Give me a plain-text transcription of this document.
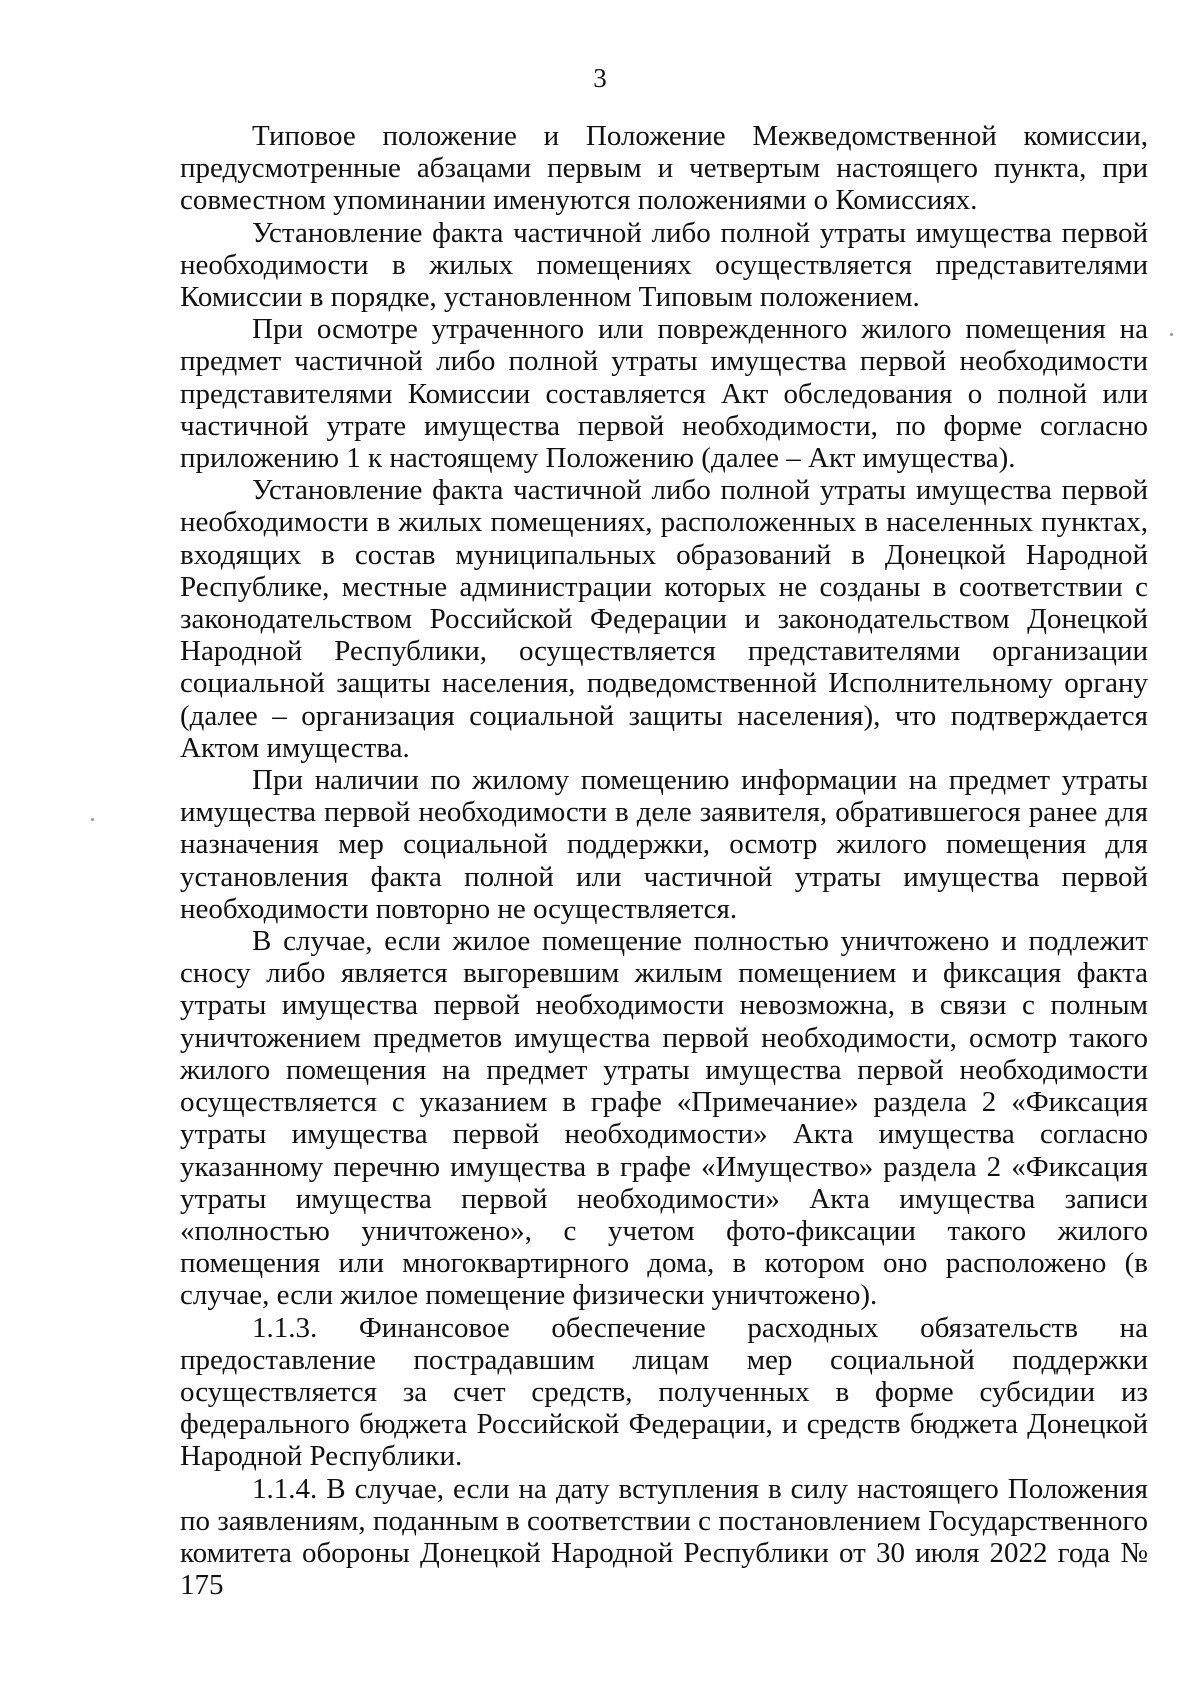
3

Типовое положение и Положение Межведомственной комиссии, предусмотренные абзацами первым и четвертым настоящего пункта, при совместном упоминании именуются положениями о Комиссиях.

Установление факта частичной либо полной утраты имущества первой необходимости в жилых помещениях осуществляется представителями Комиссии в порядке, установленном Типовым положением.

При осмотре утраченного или поврежденного жилого помещения на предмет частичной либо полной утраты имущества первой необходимости представителями Комиссии составляется Акт обследования о полной или частичной утрате имущества первой необходимости, по форме согласно приложению 1 к настоящему Положению (далее – Акт имущества).

Установление факта частичной либо полной утраты имущества первой необходимости в жилых помещениях, расположенных в населенных пунктах, входящих в состав муниципальных образований в Донецкой Народной Республике, местные администрации которых не созданы в соответствии с законодательством Российской Федерации и законодательством Донецкой Народной Республики, осуществляется представителями организации социальной защиты населения, подведомственной Исполнительному органу (далее – организация социальной защиты населения), что подтверждается Актом имущества.

При наличии по жилому помещению информации на предмет утраты имущества первой необходимости в деле заявителя, обратившегося ранее для назначения мер социальной поддержки, осмотр жилого помещения для установления факта полной или частичной утраты имущества первой необходимости повторно не осуществляется.

В случае, если жилое помещение полностью уничтожено и подлежит сносу либо является выгоревшим жилым помещением и фиксация факта утраты имущества первой необходимости невозможна, в связи с полным уничтожением предметов имущества первой необходимости, осмотр такого жилого помещения на предмет утраты имущества первой необходимости осуществляется с указанием в графе «Примечание» раздела 2 «Фиксация утраты имущества первой необходимости» Акта имущества согласно указанному перечню имущества в графе «Имущество» раздела 2 «Фиксация утраты имущества первой необходимости» Акта имущества записи «полностью уничтожено», с учетом фото-фиксации такого жилого помещения или многоквартирного дома, в котором оно расположено (в случае, если жилое помещение физически уничтожено).

1.1.3. Финансовое обеспечение расходных обязательств на предоставление пострадавшим лицам мер социальной поддержки осуществляется за счет средств, полученных в форме субсидии из федерального бюджета Российской Федерации, и средств бюджета Донецкой Народной Республики.

1.1.4. В случае, если на дату вступления в силу настоящего Положения по заявлениям, поданным в соответствии с постановлением Государственного комитета обороны Донецкой Народной Республики от 30 июля 2022 года № 175
